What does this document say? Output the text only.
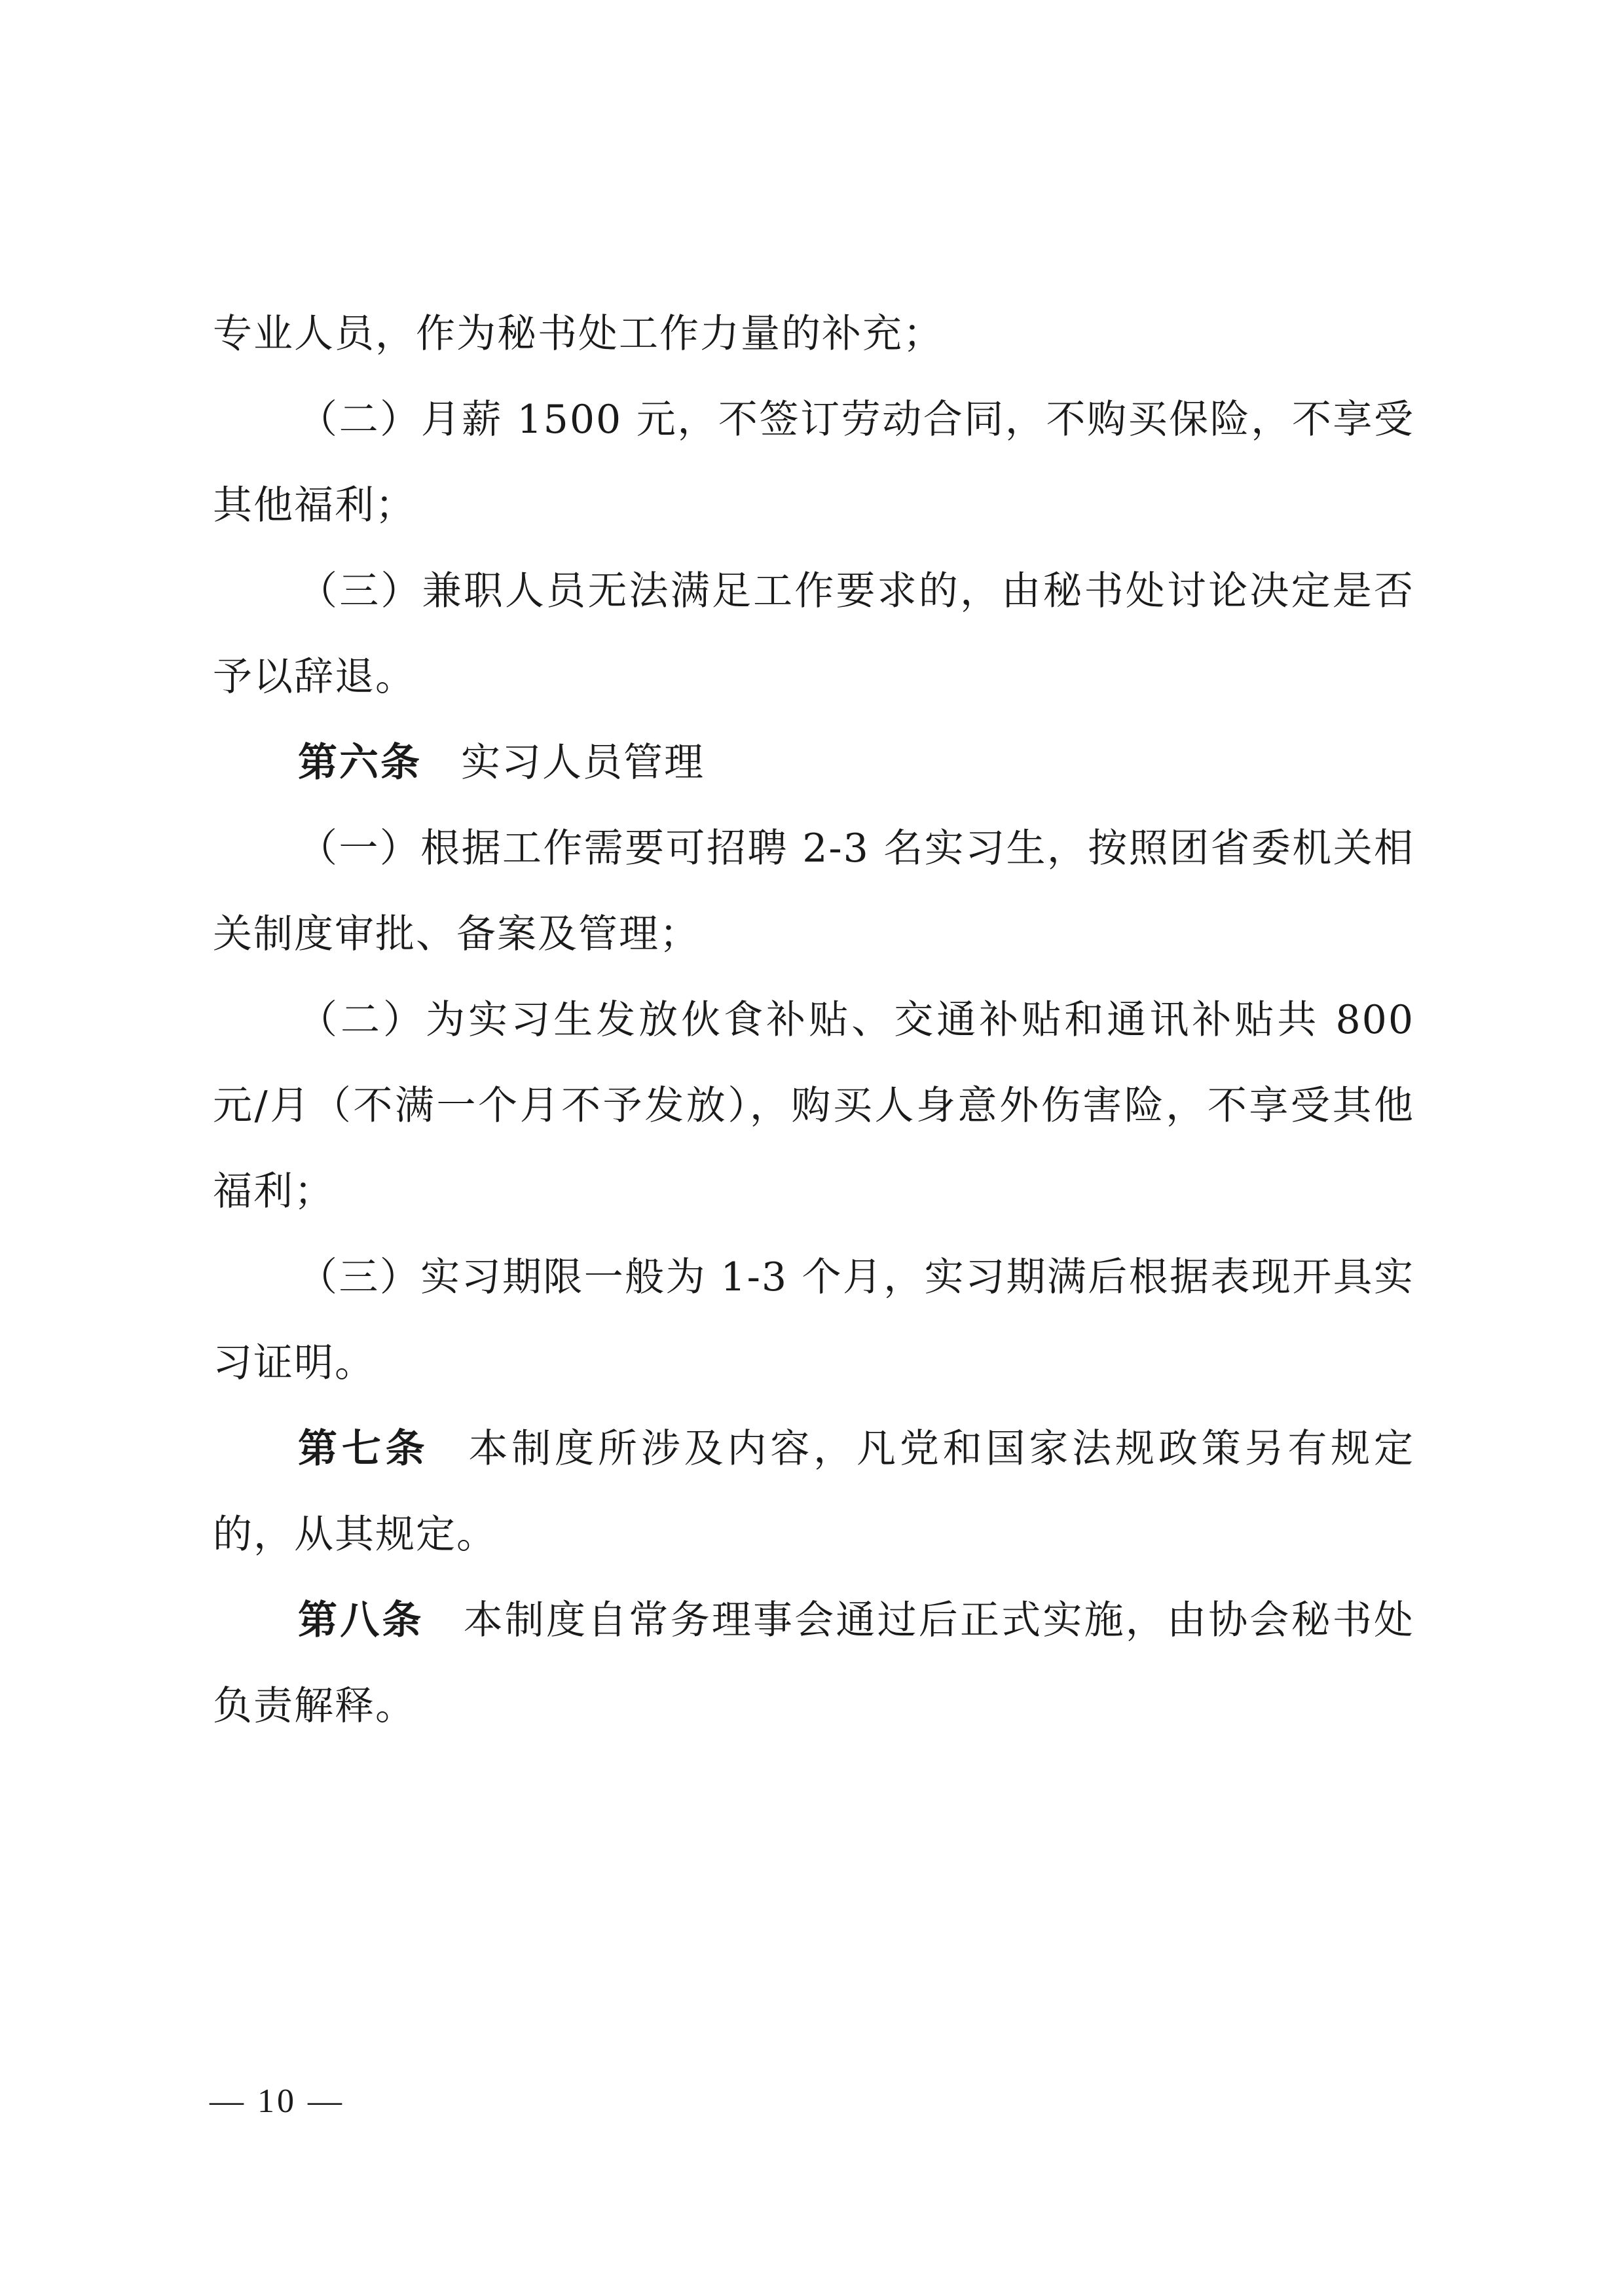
专业人员，作为秘书处工作力量的补充；

（二）月薪 1500 元，不签订劳动合同，不购买保险，不享受其他福利；

（三）兼职人员无法满足工作要求的，由秘书处讨论决定是否予以辞退。

第六条 实习人员管理

（一）根据工作需要可招聘 2-3 名实习生，按照团省委机关相关制度审批、备案及管理；

（二）为实习生发放伙食补贴、交通补贴和通讯补贴共 800 元/月（不满一个月不予发放），购买人身意外伤害险，不享受其他福利；

（三）实习期限一般为 1-3 个月，实习期满后根据表现开具实习证明。

第七条 本制度所涉及内容，凡党和国家法规政策另有规定的，从其规定。

第八条 本制度自常务理事会通过后正式实施，由协会秘书处负责解释。

— 10 —
